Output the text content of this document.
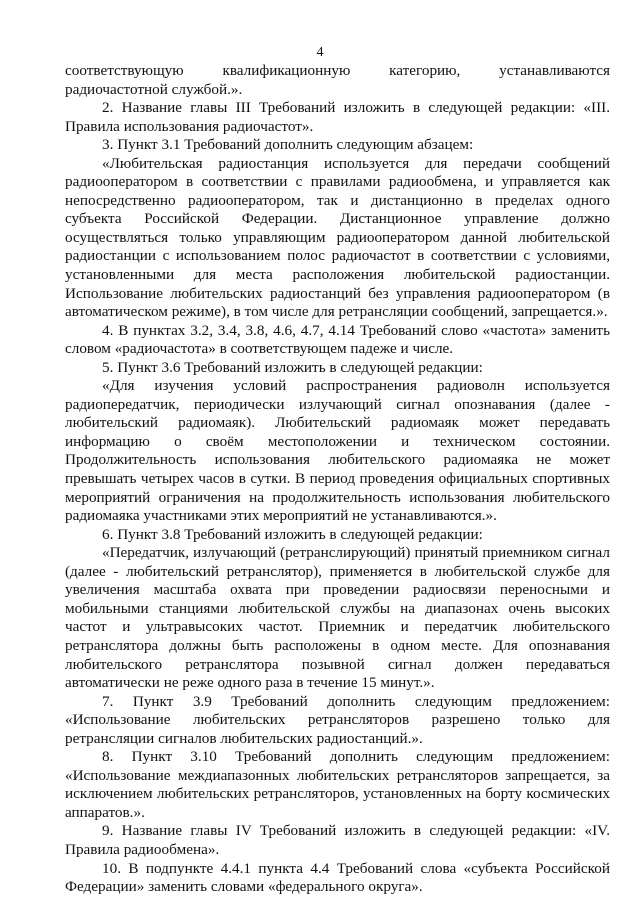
4

соответствующую квалификационную категорию, устанавливаются радиочастотной службой.».

2. Название главы III Требований изложить в следующей редакции: «III. Правила использования радиочастот».

3. Пункт 3.1 Требований дополнить следующим абзацем:

«Любительская радиостанция используется для передачи сообщений радиооператором в соответствии с правилами радиообмена, и управляется как непосредственно радиооператором, так и дистанционно в пределах одного субъекта Российской Федерации. Дистанционное управление должно осуществляться только управляющим радиооператором данной любительской радиостанции с использованием полос радиочастот в соответствии с условиями, установленными для места расположения любительской радиостанции. Использование любительских радиостанций без управления радиооператором (в автоматическом режиме), в том числе для ретрансляции сообщений, запрещается.».

4. В пунктах 3.2, 3.4, 3.8, 4.6, 4.7, 4.14 Требований слово «частота» заменить словом «радиочастота» в соответствующем падеже и числе.

5. Пункт 3.6 Требований изложить в следующей редакции:

«Для изучения условий распространения радиоволн используется радиопередатчик, периодически излучающий сигнал опознавания (далее - любительский радиомаяк). Любительский радиомаяк может передавать информацию о своём местоположении и техническом состоянии. Продолжительность использования любительского радиомаяка не может превышать четырех часов в сутки. В период проведения официальных спортивных мероприятий ограничения на продолжительность использования любительского радиомаяка участниками этих мероприятий не устанавливаются.».

6. Пункт 3.8 Требований изложить в следующей редакции:

«Передатчик, излучающий (ретранслирующий) принятый приемником сигнал (далее - любительский ретранслятор), применяется в любительской службе для увеличения масштаба охвата при проведении радиосвязи переносными и мобильными станциями любительской службы на диапазонах очень высоких частот и ультравысоких частот. Приемник и передатчик любительского ретранслятора должны быть расположены в одном месте. Для опознавания любительского ретранслятора позывной сигнал должен передаваться автоматически не реже одного раза в течение 15 минут.».

7. Пункт 3.9 Требований дополнить следующим предложением: «Использование любительских ретрансляторов разрешено только для ретрансляции сигналов любительских радиостанций.».

8. Пункт 3.10 Требований дополнить следующим предложением: «Использование междиапазонных любительских ретрансляторов запрещается, за исключением любительских ретрансляторов, установленных на борту космических аппаратов.».

9. Название главы IV Требований изложить в следующей редакции: «IV. Правила радиообмена».

10. В подпункте 4.4.1 пункта 4.4 Требований слова «субъекта Российской Федерации» заменить словами «федерального округа».
